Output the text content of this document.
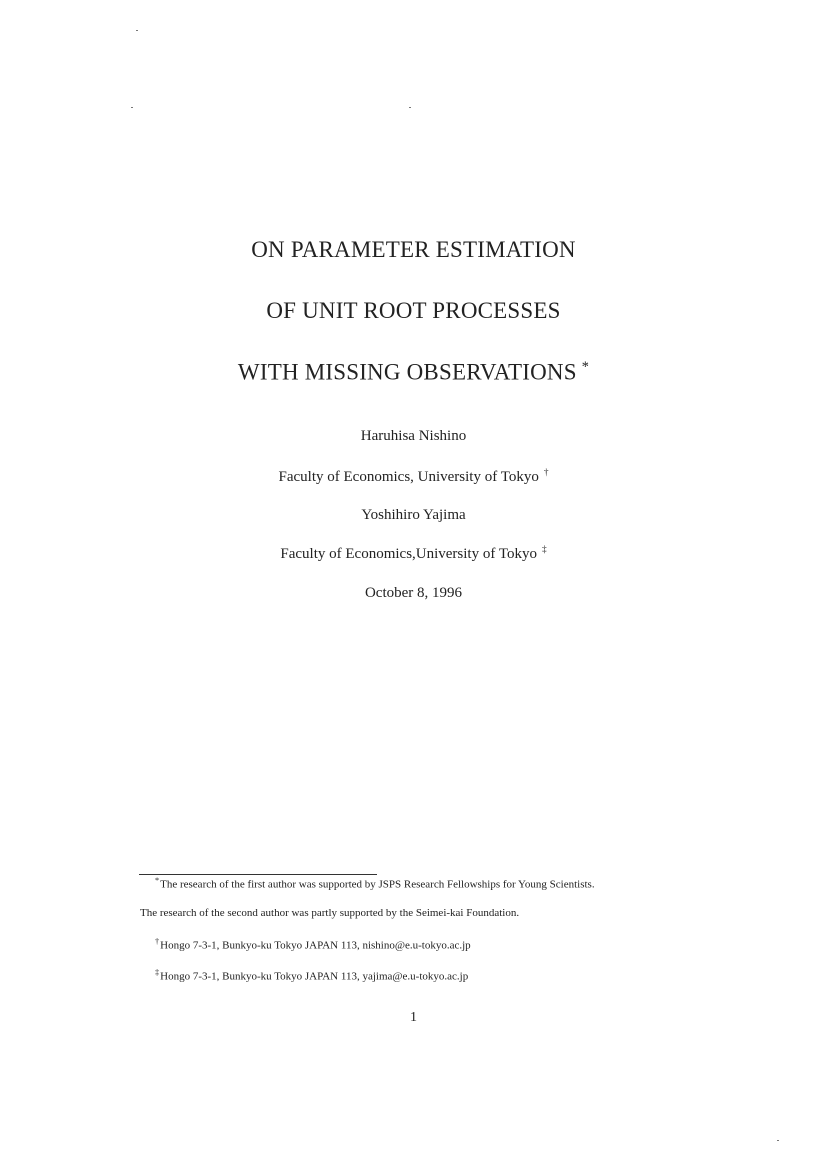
ON PARAMETER ESTIMATION
OF UNIT ROOT PROCESSES
WITH MISSING OBSERVATIONS *
Haruhisa Nishino
Faculty of Economics, University of Tokyo †
Yoshihiro Yajima
Faculty of Economics,University of Tokyo ‡
October 8, 1996
*The research of the first author was supported by JSPS Research Fellowships for Young Scientists.
The research of the second author was partly supported by the Seimei-kai Foundation.
†Hongo 7-3-1, Bunkyo-ku Tokyo JAPAN 113, nishino@e.u-tokyo.ac.jp
‡Hongo 7-3-1, Bunkyo-ku Tokyo JAPAN 113, yajima@e.u-tokyo.ac.jp
1
